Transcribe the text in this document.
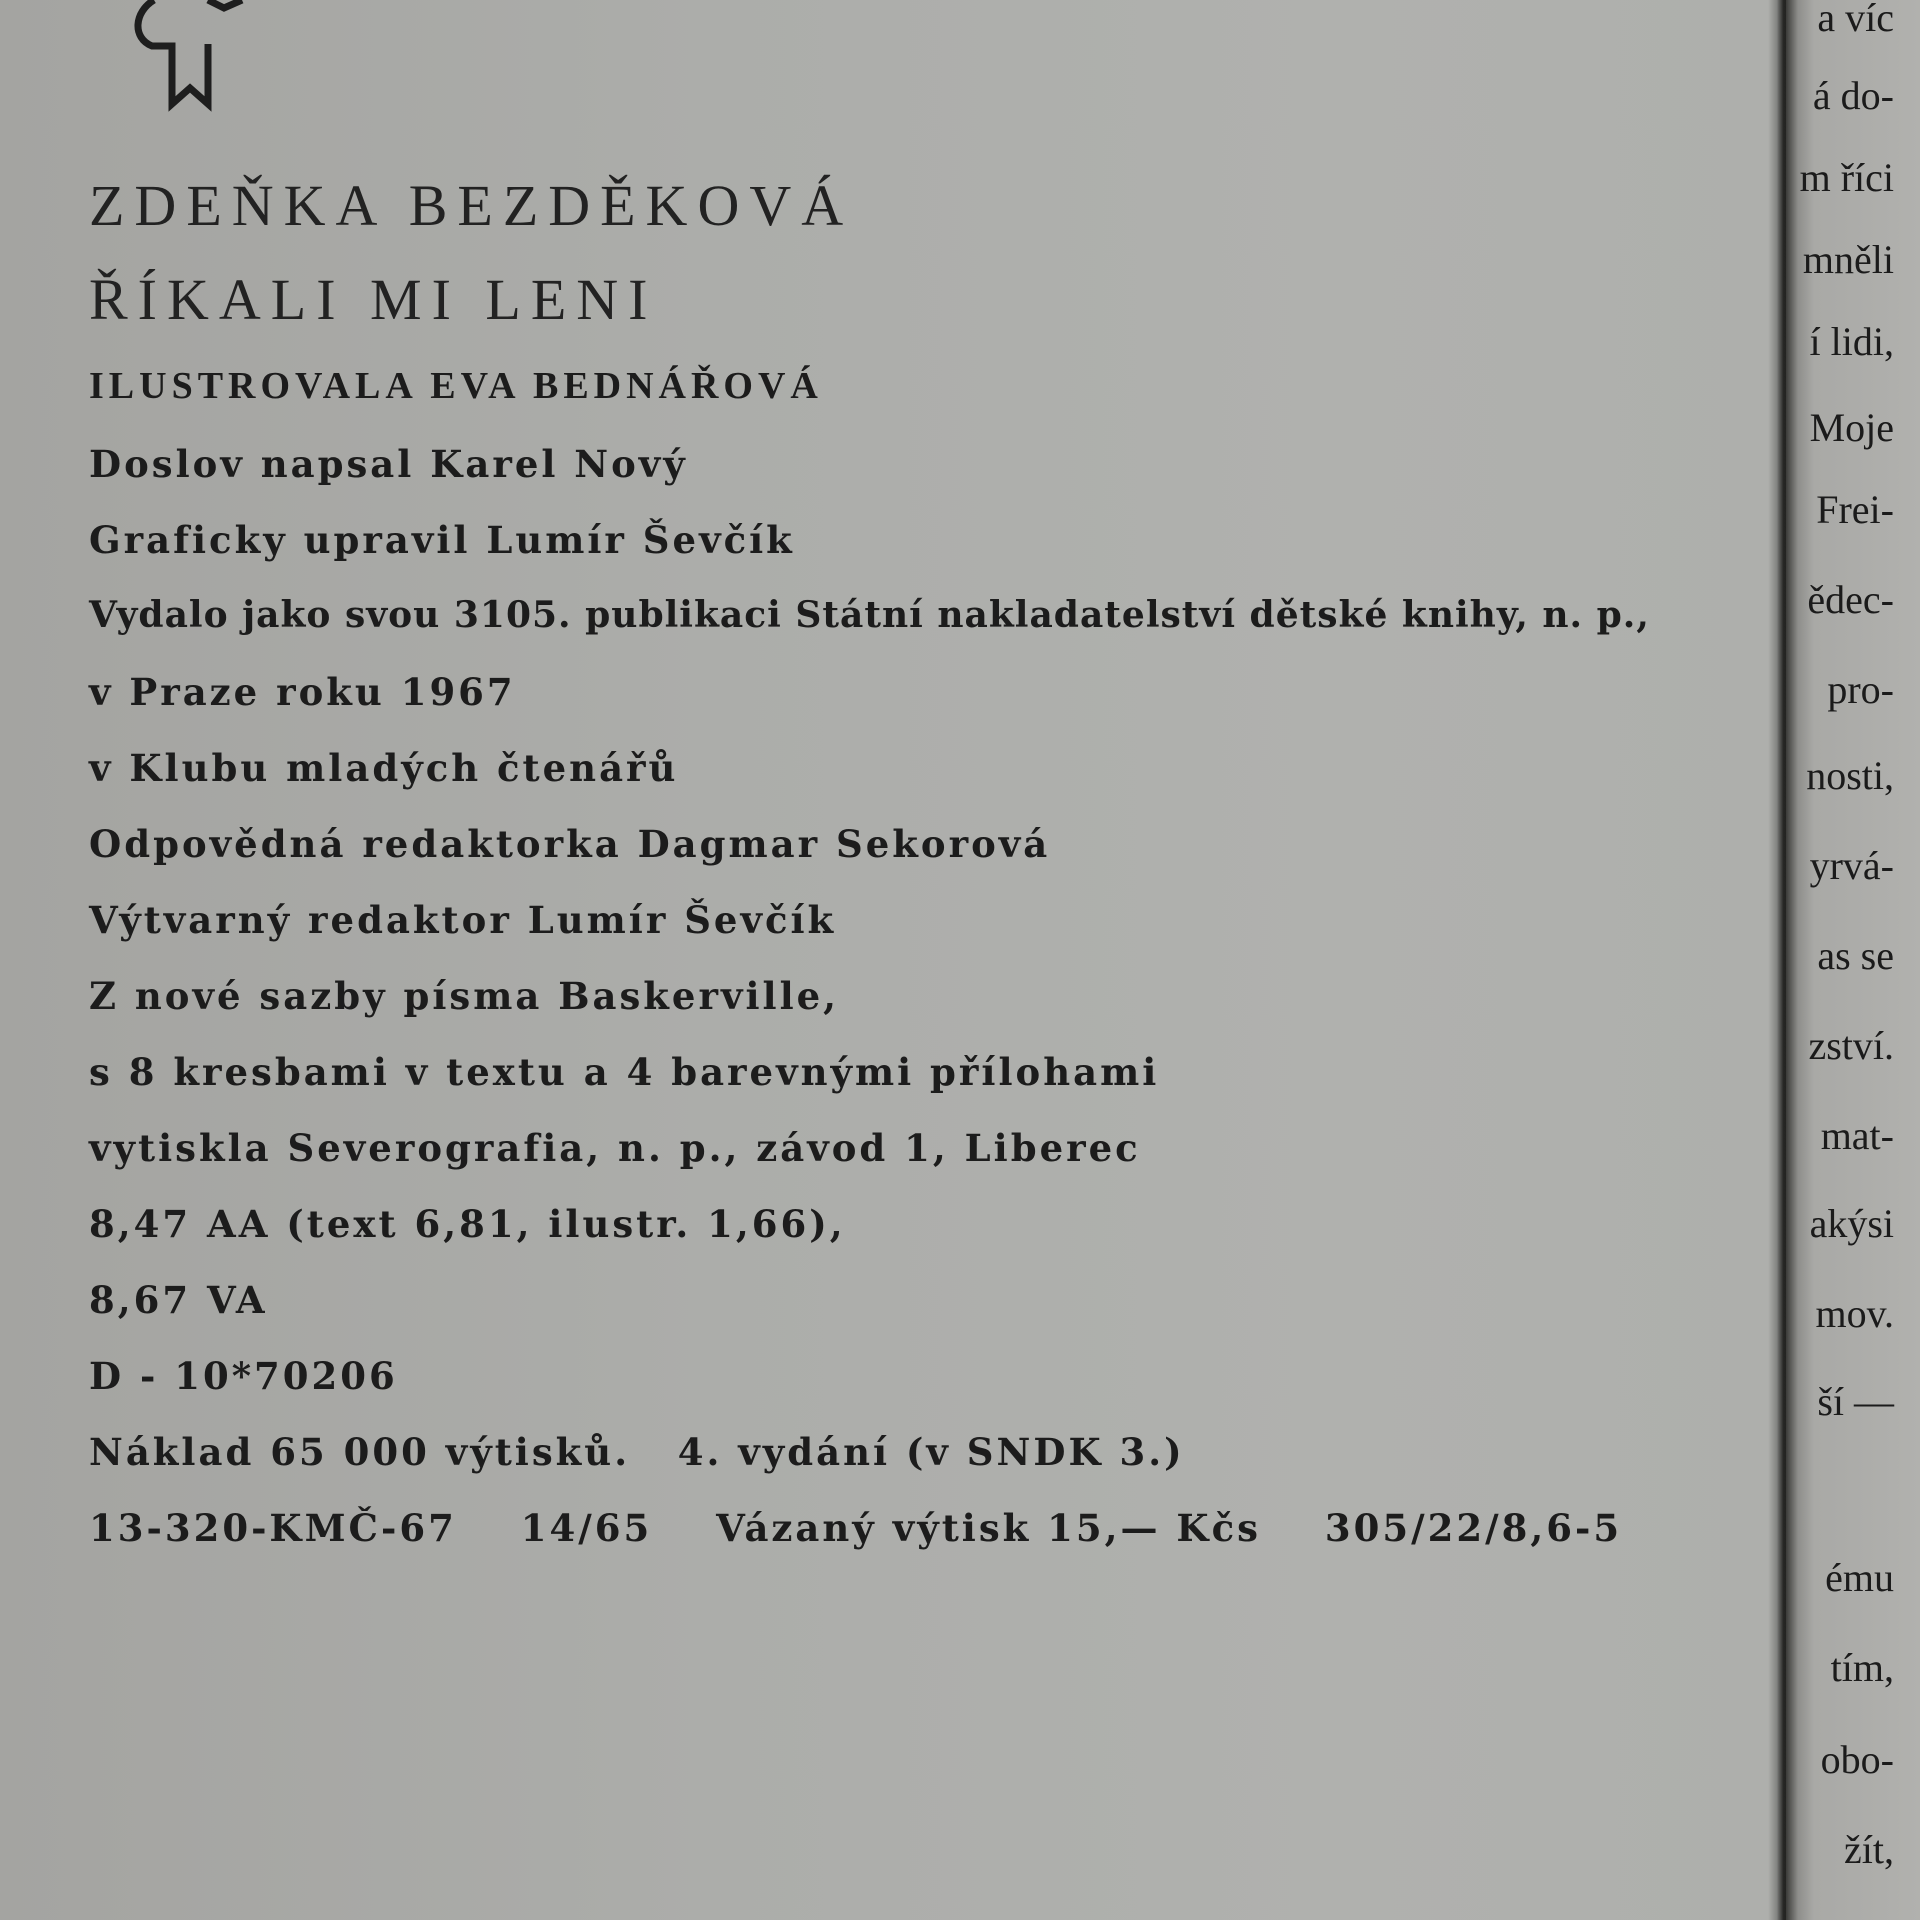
ZDEŇKA BEZDĚKOVÁ
ŘÍKALI MI LENI
ILUSTROVALA EVA BEDNÁŘOVÁ
Doslov napsal Karel Nový
Graficky upravil Lumír Ševčík
Vydalo jako svou 3105. publikaci Státní nakladatelství dětské knihy, n. p.,
v Praze roku 1967
v Klubu mladých čtenářů
Odpovědná redaktorka Dagmar Sekorová
Výtvarný redaktor Lumír Ševčík
Z nové sazby písma Baskerville,
s 8 kresbami v textu a 4 barevnými přílohami
vytiskla Severografia, n. p., závod 1, Liberec
8,47 AA (text 6,81, ilustr. 1,66),
8,67 VA
D - 10*70206
Náklad 65 000 výtisků.   4. vydání (v SNDK 3.)
13-320-KMČ-67 14/65 Vázaný výtisk 15,— Kčs 305/22/8,6-5
a víc
á do-
m říci
mněli
í lidi,
Moje
Frei-
ědec-
pro-
nosti,
yrvá-
as se
zství.
mat-
akýsi
mov.
ší —
ému
tím,
obo-
žít,
